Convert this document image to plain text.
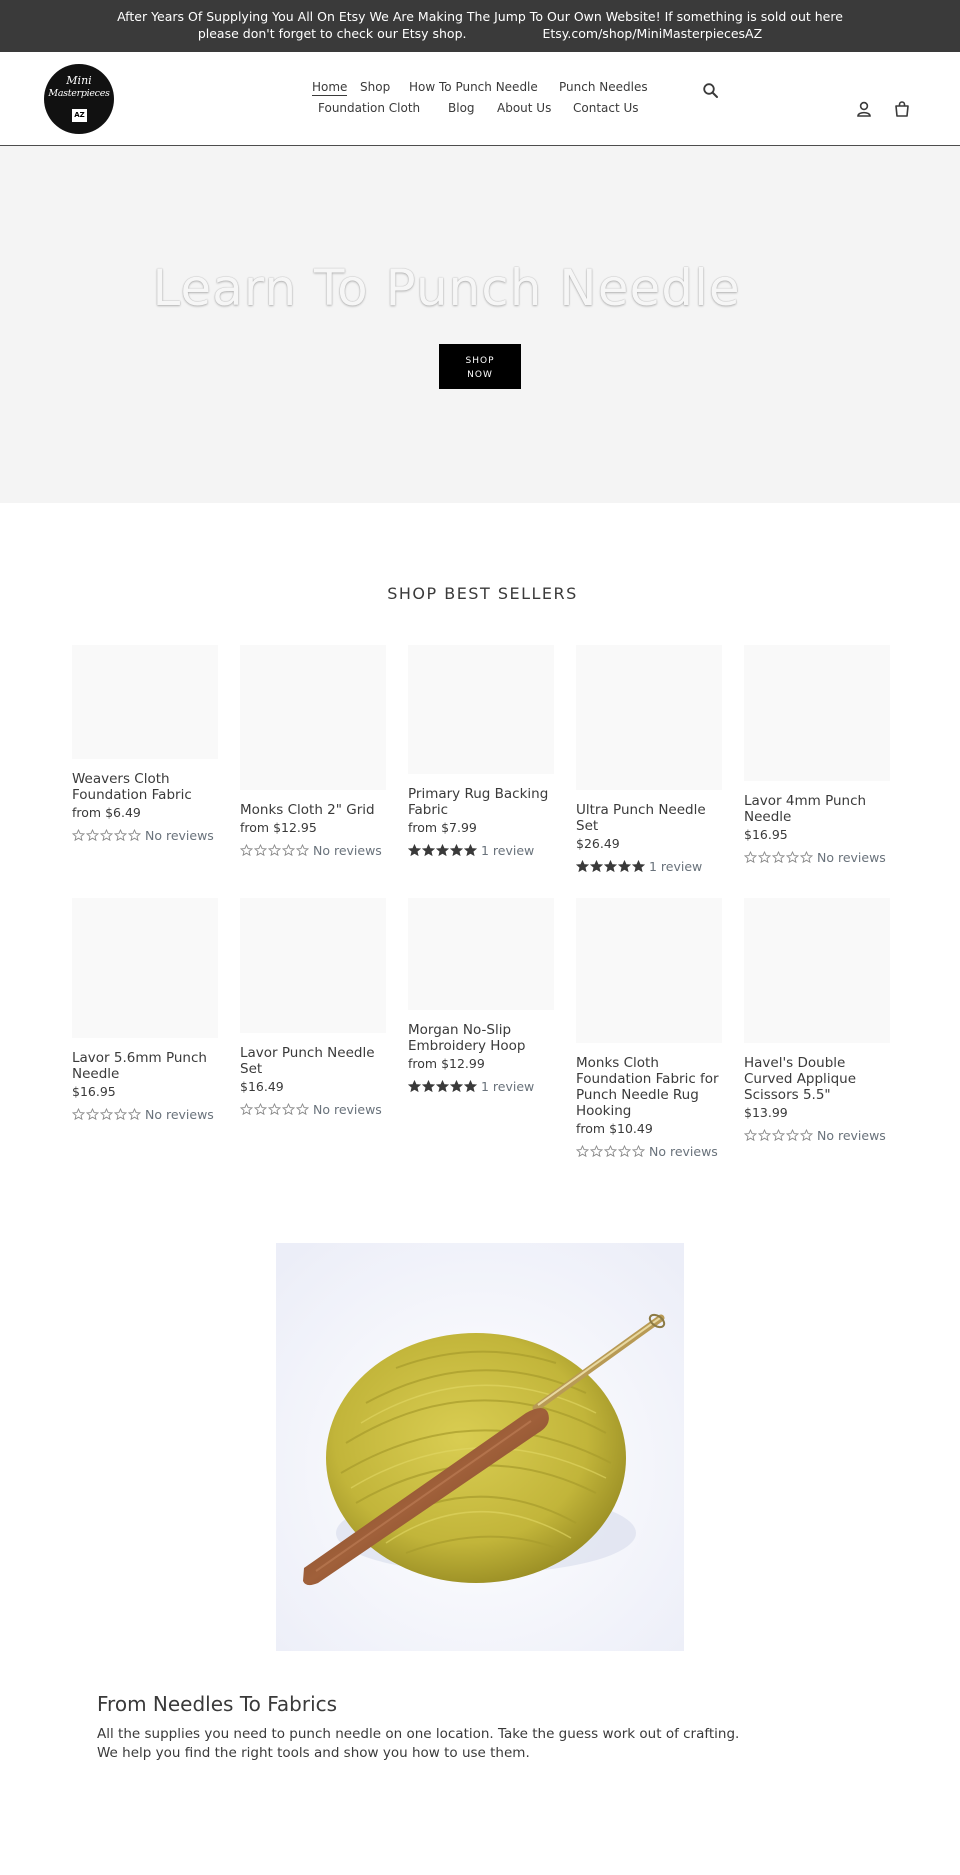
After Years Of Supplying You All On Etsy We Are Making The Jump To Our Own Website! If something is sold out here
please don't forget to check our Etsy shop.	Etsy.com/shop/MiniMasterpiecesAZ
Mini
Masterpieces
AZ
Home Shop How To Punch Needle Punch Needles
Foundation Cloth Blog About Us Contact Us
Learn To Punch Needle
SHOP
NOW
SHOP BEST SELLERS
Weavers Cloth Foundation Fabric
from $6.49
No reviews
Monks Cloth 2" Grid
from $12.95
No reviews
Primary Rug Backing Fabric
from $7.99
1 review
Ultra Punch Needle Set
$26.49
1 review
Lavor 4mm Punch Needle
$16.95
No reviews
Lavor 5.6mm Punch Needle
$16.95
No reviews
Lavor Punch Needle Set
$16.49
No reviews
Morgan No-Slip Embroidery Hoop
from $12.99
1 review
Monks Cloth Foundation Fabric for Punch Needle Rug Hooking
from $10.49
No reviews
Havel's Double Curved Applique Scissors 5.5"
$13.99
No reviews
From Needles To Fabrics

All the supplies you need to punch needle on one location. Take the guess work out of crafting. We help you find the right tools and show you how to use them.
